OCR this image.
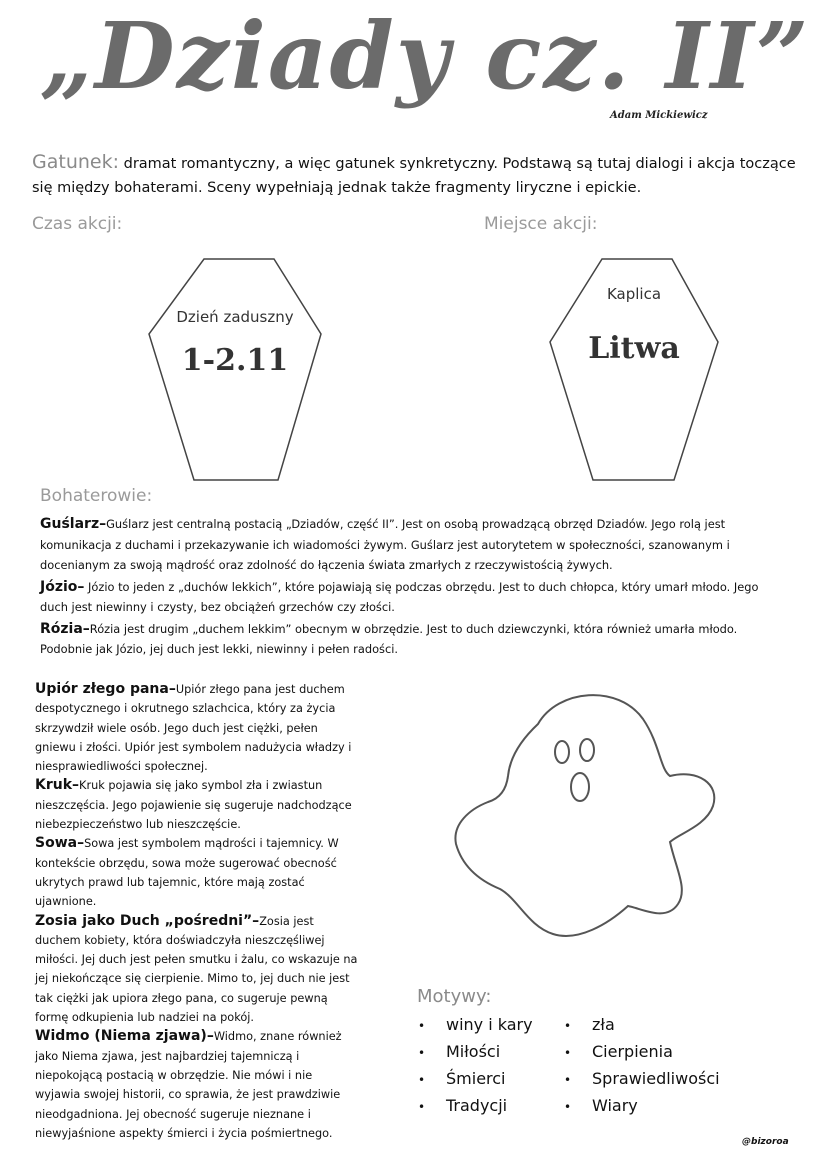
„Dziady cz. II”
Adam Mickiewicz
Gatunek: dramat romantyczny, a więc gatunek synkretyczny. Podstawą są tutaj dialogi i akcja toczące się między bohaterami. Sceny wypełniają jednak także fragmenty liryczne i epickie.
Czas akcji:	Miejsce akcji:
Dzień zaduszny
1-2.11
Kaplica
Litwa
Bohaterowie:

Guślarz–Guślarz jest centralną postacią „Dziadów, część II”. Jest on osobą prowadzącą obrzęd Dziadów. Jego rolą jest komunikacja z duchami i przekazywanie ich wiadomości żywym. Guślarz jest autorytetem w społeczności, szanowanym i docenianym za swoją mądrość oraz zdolność do łączenia świata zmarłych z rzeczywistością żywych.

Józio– Józio to jeden z „duchów lekkich”, które pojawiają się podczas obrzędu. Jest to duch chłopca, który umarł młodo. Jego duch jest niewinny i czysty, bez obciążeń grzechów czy złości.

Rózia–Rózia jest drugim „duchem lekkim” obecnym w obrzędzie. Jest to duch dziewczynki, która również umarła młodo. Podobnie jak Józio, jej duch jest lekki, niewinny i pełen radości.

Upiór złego pana–Upiór złego pana jest duchem despotycznego i okrutnego szlachcica, który za życia skrzywdził wiele osób. Jego duch jest ciężki, pełen gniewu i złości. Upiór jest symbolem nadużycia władzy i niesprawiedliwości społecznej.

Kruk–Kruk pojawia się jako symbol zła i zwiastun nieszczęścia. Jego pojawienie się sugeruje nadchodzące niebezpieczeństwo lub nieszczęście.

Sowa–Sowa jest symbolem mądrości i tajemnicy. W kontekście obrzędu, sowa może sugerować obecność ukrytych prawd lub tajemnic, które mają zostać ujawnione.

Zosia jako Duch „pośredni”–Zosia jest duchem kobiety, która doświadczyła nieszczęśliwej miłości. Jej duch jest pełen smutku i żalu, co wskazuje na jej niekończące się cierpienie. Mimo to, jej duch nie jest tak ciężki jak upiora złego pana, co sugeruje pewną formę odkupienia lub nadziei na pokój.

Widmo (Niema zjawa)–Widmo, znane również jako Niema zjawa, jest najbardziej tajemniczą i niepokojącą postacią w obrzędzie. Nie mówi i nie wyjawia swojej historii, co sprawia, że jest prawdziwie nieodgadniona. Jej obecność sugeruje nieznane i niewyjaśnione aspekty śmierci i życia pośmiertnego.

Motywy:
• winy i kary
• Miłości
• Śmierci
• Tradycji
• zła
• Cierpienia
• Sprawiedliwości
• Wiary
@bizoroa
